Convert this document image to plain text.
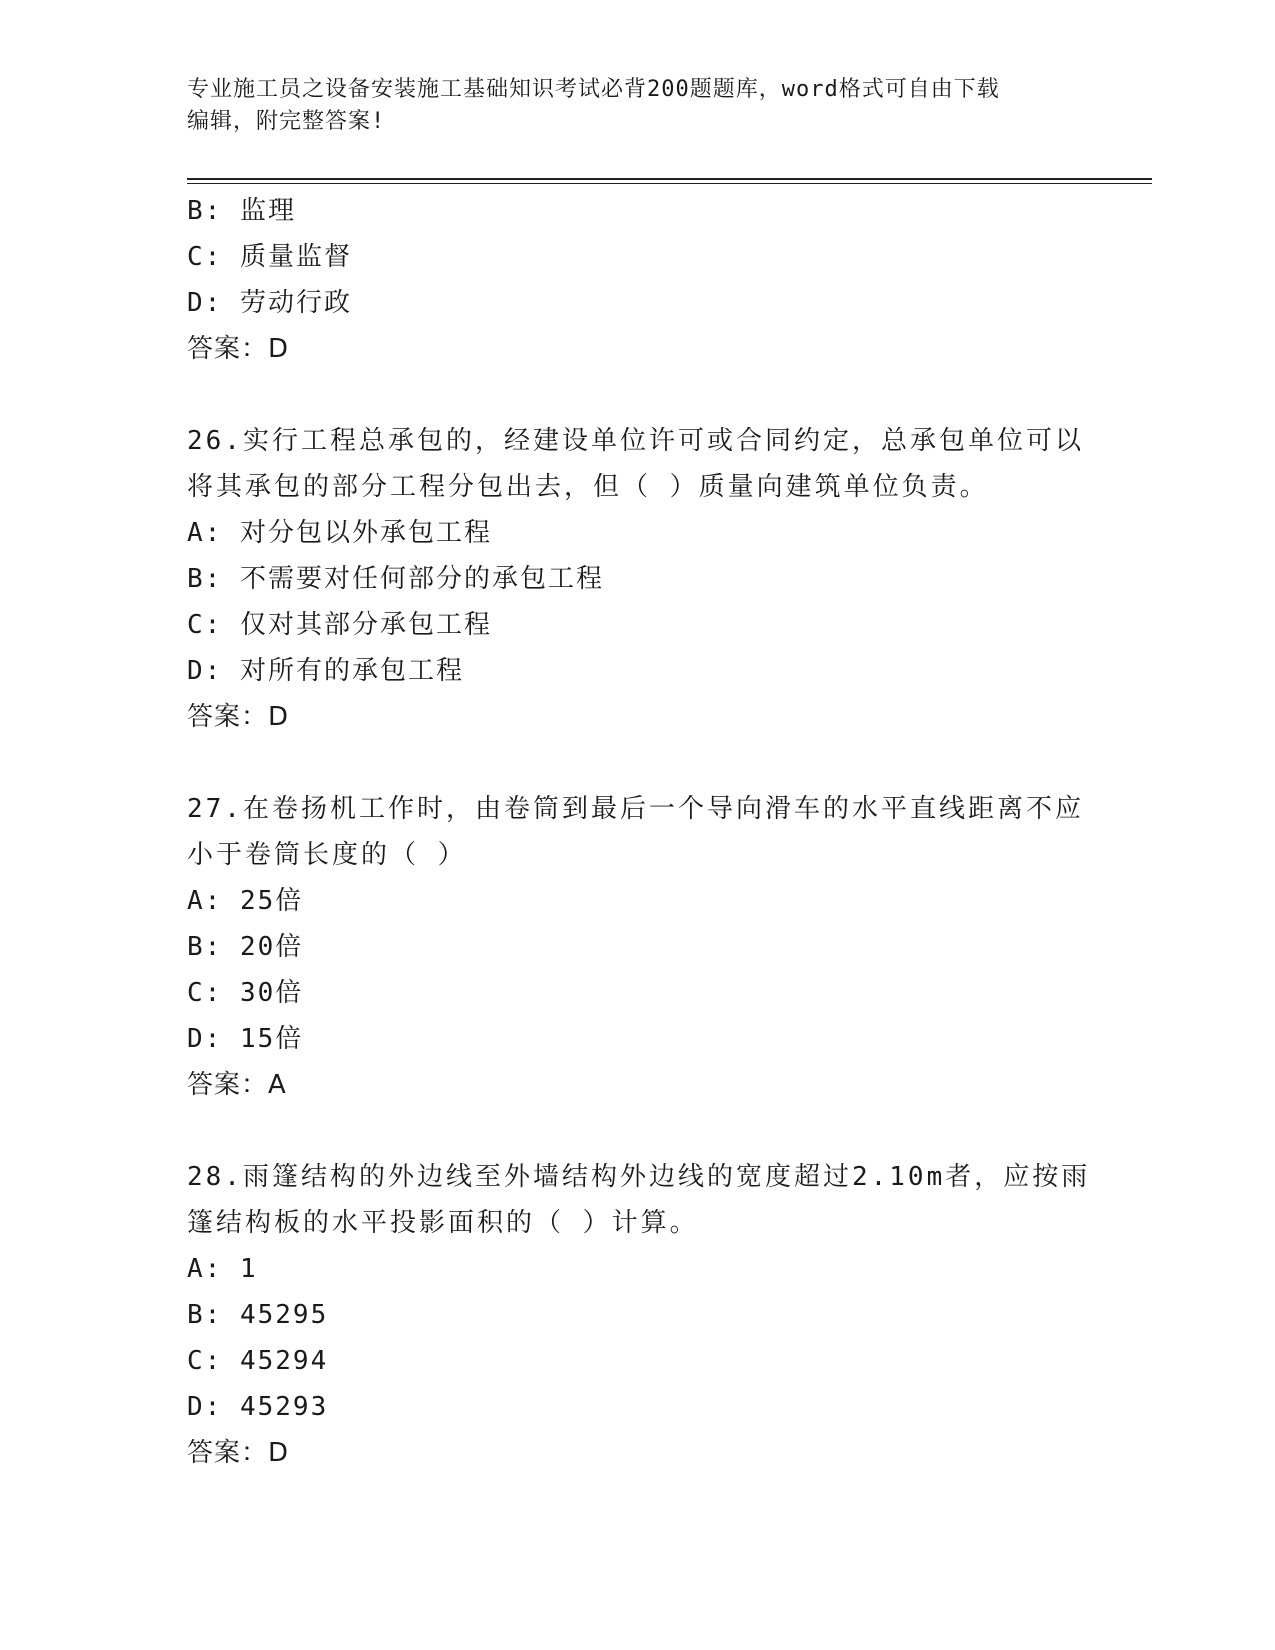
专业施工员之设备安装施工基础知识考试必背200题题库，word格式可自由下载
编辑，附完整答案!
B: 监理
C: 质量监督
D: 劳动行政
答案：D
26.实行工程总承包的，经建设单位许可或合同约定，总承包单位可以
将其承包的部分工程分包出去，但（ ）质量向建筑单位负责。
A: 对分包以外承包工程
B: 不需要对任何部分的承包工程
C: 仅对其部分承包工程
D: 对所有的承包工程
答案：D
27.在卷扬机工作时，由卷筒到最后一个导向滑车的水平直线距离不应
小于卷筒长度的（ ）
A: 25倍
B: 20倍
C: 30倍
D: 15倍
答案：A
28.雨篷结构的外边线至外墙结构外边线的宽度超过2.10m者，应按雨
篷结构板的水平投影面积的（ ）计算。
A: 1
B: 45295
C: 45294
D: 45293
答案：D
